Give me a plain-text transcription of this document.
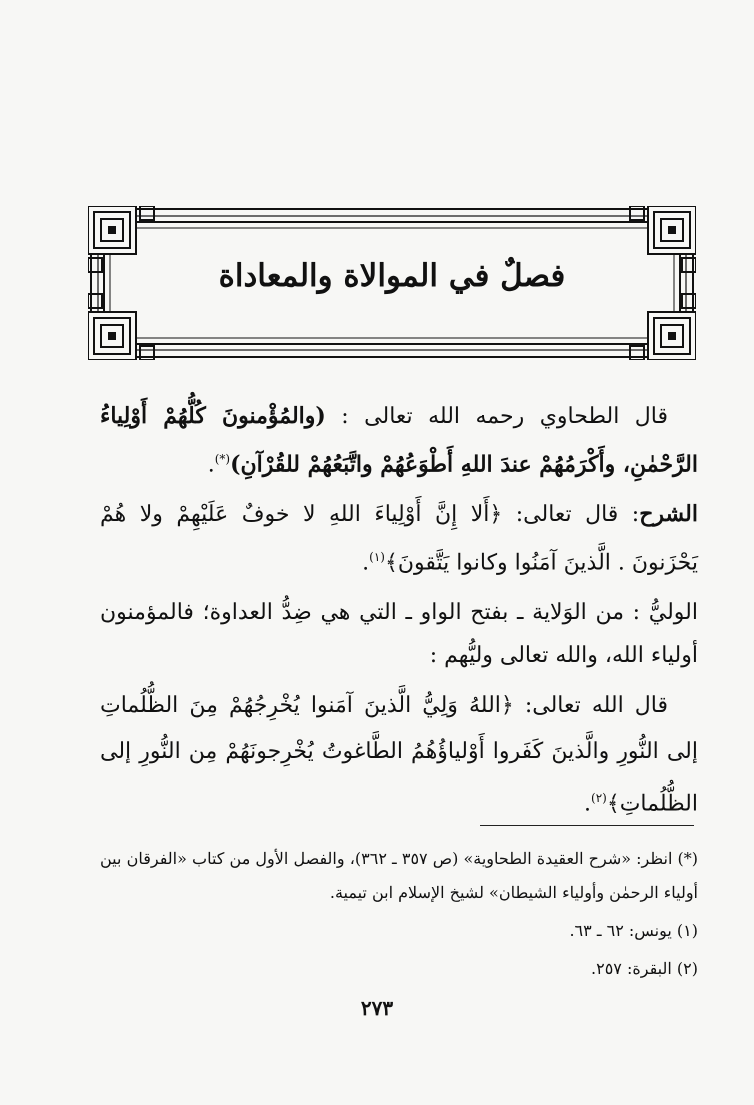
فصلٌ في الموالاة والمعاداة

قال الطحاوي رحمه الله تعالى : (والمُؤْمنونَ كُلُّهُمْ أَوْلِياءُ الرَّحْمٰنِ، وأَكْرَمُهُمْ عندَ اللهِ أَطْوَعُهُمْ واتَّبَعُهُمْ للقُرْآنِ)(*).

الشرح: قال تعالى: ﴿أَلا إِنَّ أَوْلِياءَ اللهِ لا خوفٌ عَلَيْهِمْ ولا هُمْ يَحْزَنونَ . الَّذينَ آمَنُوا وكانوا يَتَّقونَ﴾$^{(١)}$.

الوليُّ : من الوَلاية ـ بفتح الواو ـ التي هي ضِدُّ العداوة؛ فالمؤمنون أولياء الله، والله تعالى وليُّهم :

قال الله تعالى: ﴿اللهُ وَلِيُّ الَّذينَ آمَنوا يُخْرِجُهُمْ مِنَ الظُّلُماتِ إلى النُّورِ والَّذينَ كَفَروا أَوْلياؤُهُمُ الطَّاغوتُ يُخْرِجونَهُمْ مِن النُّورِ إلى الظُّلُماتِ﴾$^{(٢)}$.

(*) انظر: «شرح العقيدة الطحاوية» (ص ٣٥٧ ـ ٣٦٢)، والفصل الأول من كتاب «الفرقان بين أولياء الرحمٰن وأولياء الشيطان» لشيخ الإسلام ابن تيمية.

(١) يونس: ٦٢ ـ ٦٣.

(٢) البقرة: ٢٥٧.

٢٧٣
